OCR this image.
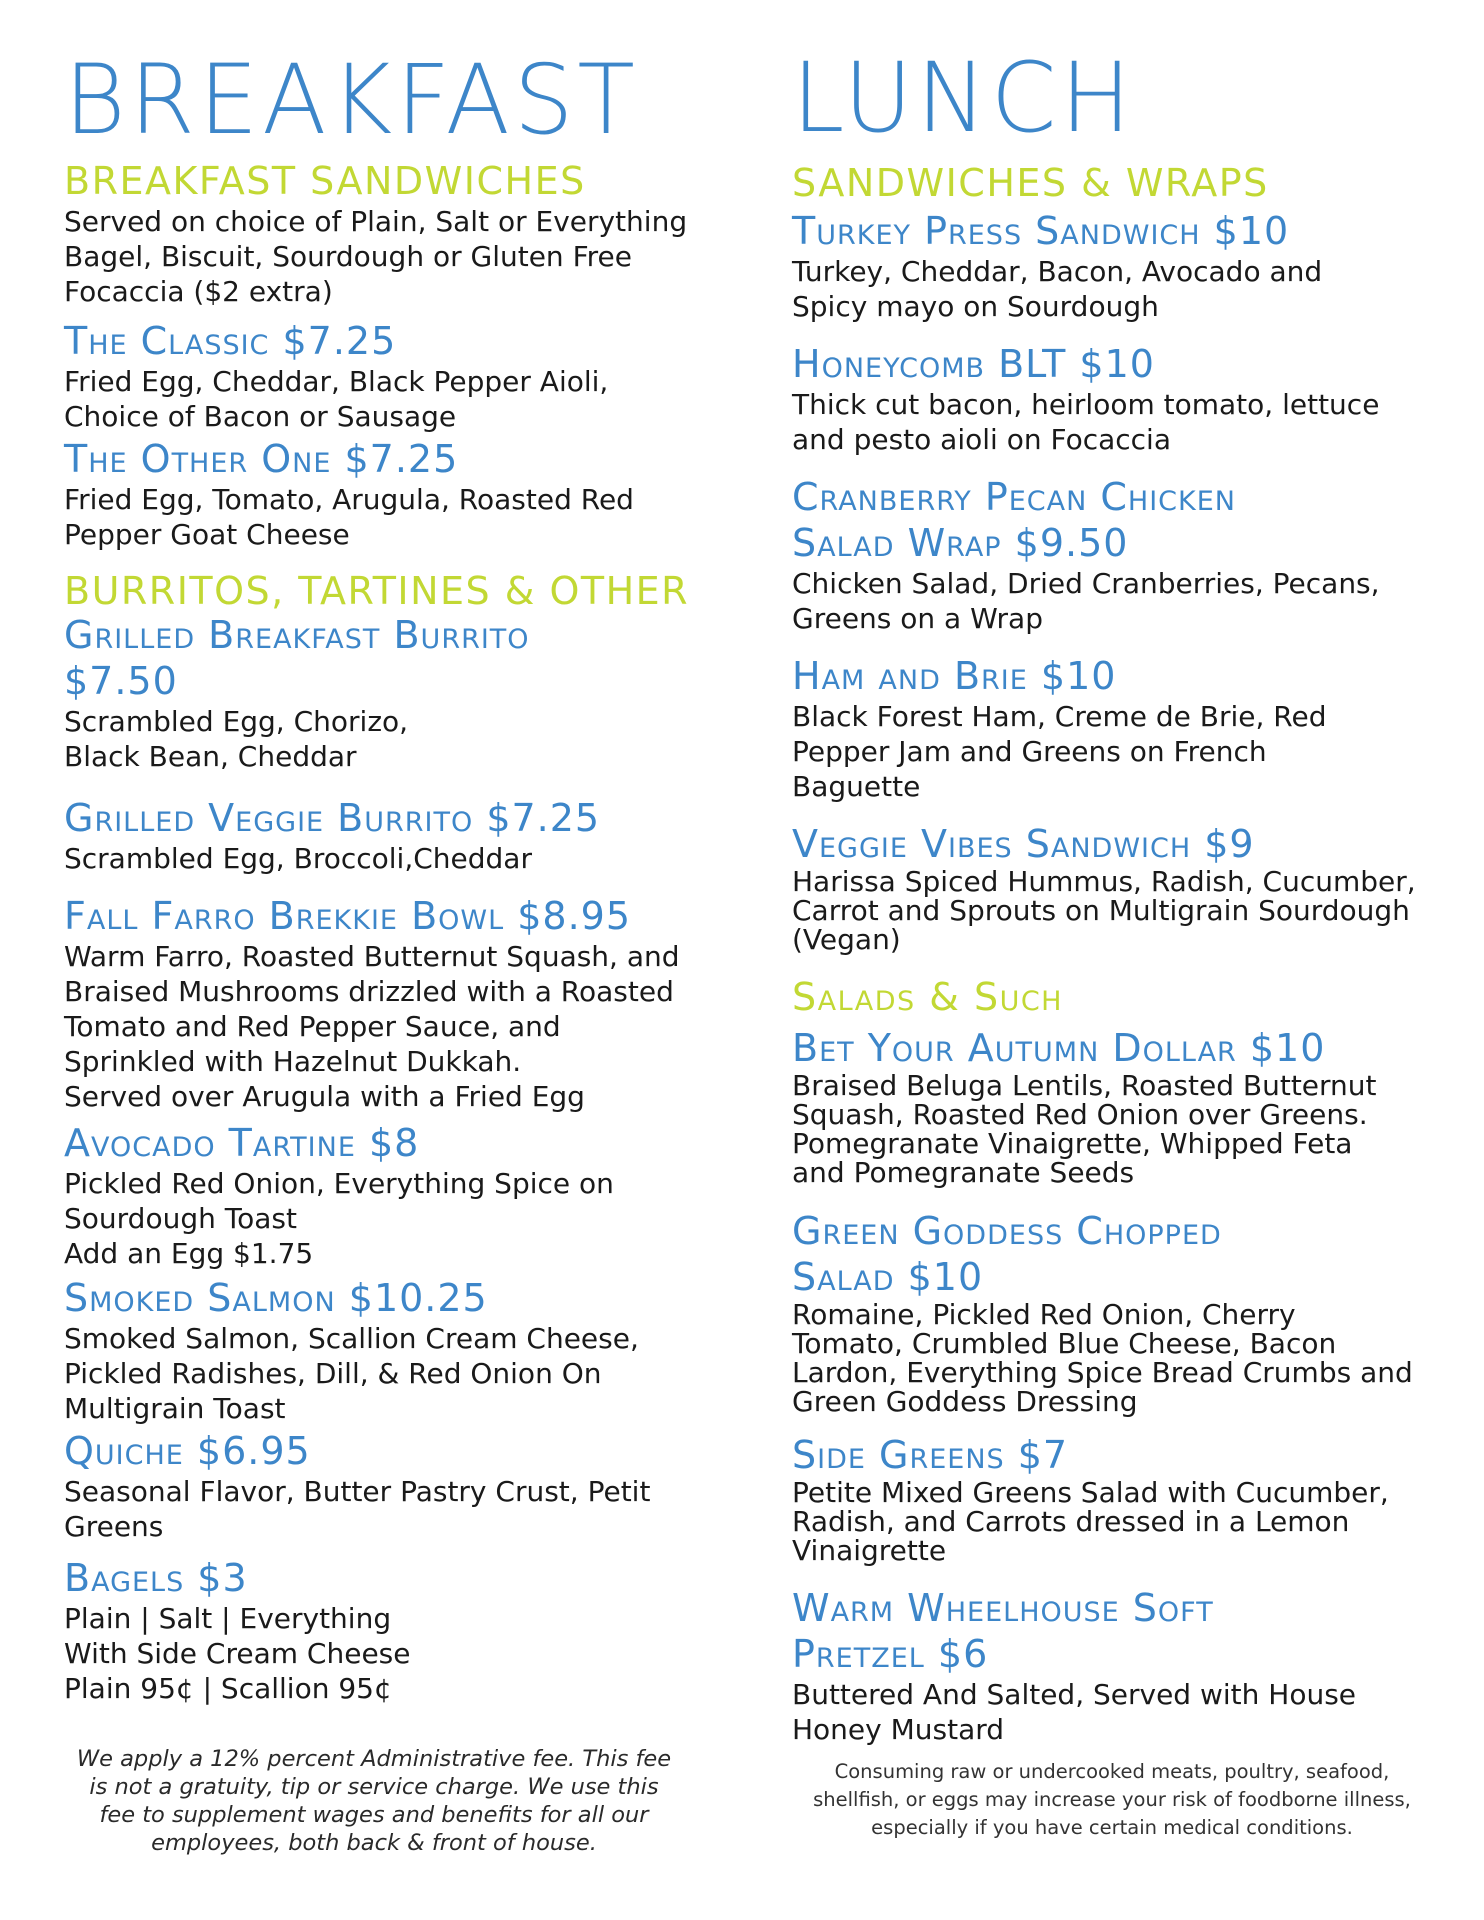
BREAKFAST
BREAKFAST SANDWICHES

Served on choice of Plain, Salt or Everything
Bagel, Biscuit, Sourdough or Gluten Free
Focaccia ($2 extra)

The Classic $7.25

Fried Egg, Cheddar, Black Pepper Aioli,
Choice of Bacon or Sausage

The Other One $7.25

Fried Egg, Tomato, Arugula, Roasted Red
Pepper Goat Cheese

BURRITOS, TARTINES & OTHER

Grilled Breakfast Burrito
$7.50

Scrambled Egg, Chorizo,
Black Bean, Cheddar

Grilled Veggie Burrito $7.25

Scrambled Egg, Broccoli,Cheddar

Fall Farro Brekkie Bowl $8.95

Warm Farro, Roasted Butternut Squash, and
Braised Mushrooms drizzled with a Roasted
Tomato and Red Pepper Sauce, and
Sprinkled with Hazelnut Dukkah.
Served over Arugula with a Fried Egg

Avocado Tartine $8

Pickled Red Onion, Everything Spice on
Sourdough Toast
Add an Egg $1.75

Smoked Salmon $10.25

Smoked Salmon, Scallion Cream Cheese,
Pickled Radishes, Dill, & Red Onion On
Multigrain Toast

Quiche $6.95

Seasonal Flavor, Butter Pastry Crust, Petit
Greens

Bagels $3

Plain | Salt | Everything
With Side Cream Cheese
Plain 95¢ | Scallion 95¢

We apply a 12% percent Administrative fee. This fee
is not a gratuity, tip or service charge. We use this
fee to supplement wages and benefits for all our
employees, both back & front of house.
LUNCH
SANDWICHES & WRAPS

Turkey Press Sandwich $10

Turkey, Cheddar, Bacon, Avocado and
Spicy mayo on Sourdough

Honeycomb BLT $10

Thick cut bacon, heirloom tomato, lettuce
and pesto aioli on Focaccia

Cranberry Pecan Chicken
Salad Wrap $9.50

Chicken Salad, Dried Cranberries, Pecans,
Greens on a Wrap

Ham and Brie $10

Black Forest Ham, Creme de Brie, Red
Pepper Jam and Greens on French
Baguette

Veggie Vibes Sandwich $9

Harissa Spiced Hummus, Radish, Cucumber,
Carrot and Sprouts on Multigrain Sourdough
(Vegan)

Salads & Such

Bet Your Autumn Dollar $10

Braised Beluga Lentils, Roasted Butternut
Squash, Roasted Red Onion over Greens.
Pomegranate Vinaigrette, Whipped Feta
and Pomegranate Seeds

Green Goddess Chopped
Salad $10

Romaine, Pickled Red Onion, Cherry
Tomato, Crumbled Blue Cheese, Bacon
Lardon, Everything Spice Bread Crumbs and
Green Goddess Dressing

Side Greens $7

Petite Mixed Greens Salad with Cucumber,
Radish, and Carrots dressed in a Lemon
Vinaigrette

Warm Wheelhouse Soft
Pretzel $6

Buttered And Salted, Served with House
Honey Mustard

Consuming raw or undercooked meats, poultry, seafood,
shellfish, or eggs may increase your risk of foodborne illness,
especially if you have certain medical conditions.
